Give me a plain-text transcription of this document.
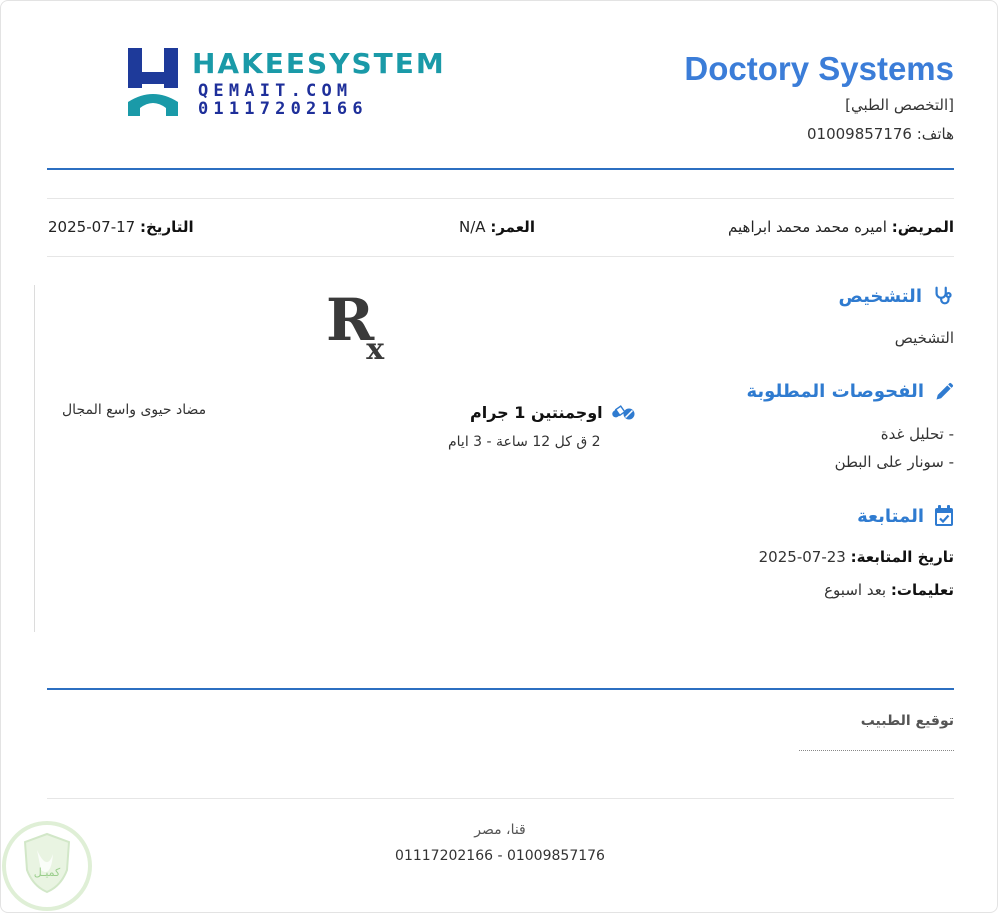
HAKEESYSTEM
QEMAIT.COM
01117202166
Doctory Systems
[التخصص الطبي]
هاتف: 01009857176
المريض: اميره محمد محمد ابراهيم
العمر: N/A
التاريخ: 17-07-2025
التشخيص
التشخيص
الفحوصات المطلوبة
- تحليل غدة
- سونار على البطن
المتابعة
تاريخ المتابعة: 23-07-2025
تعليمات: بعد اسبوع
$R_x$
اوجمنتين 1 جرام
2 ق كل 12 ساعة - 3 ايام
مضاد حيوى واسع المجال
توقيع الطبيب
قنا، مصر
01117202166 - 01009857176
كميـل
